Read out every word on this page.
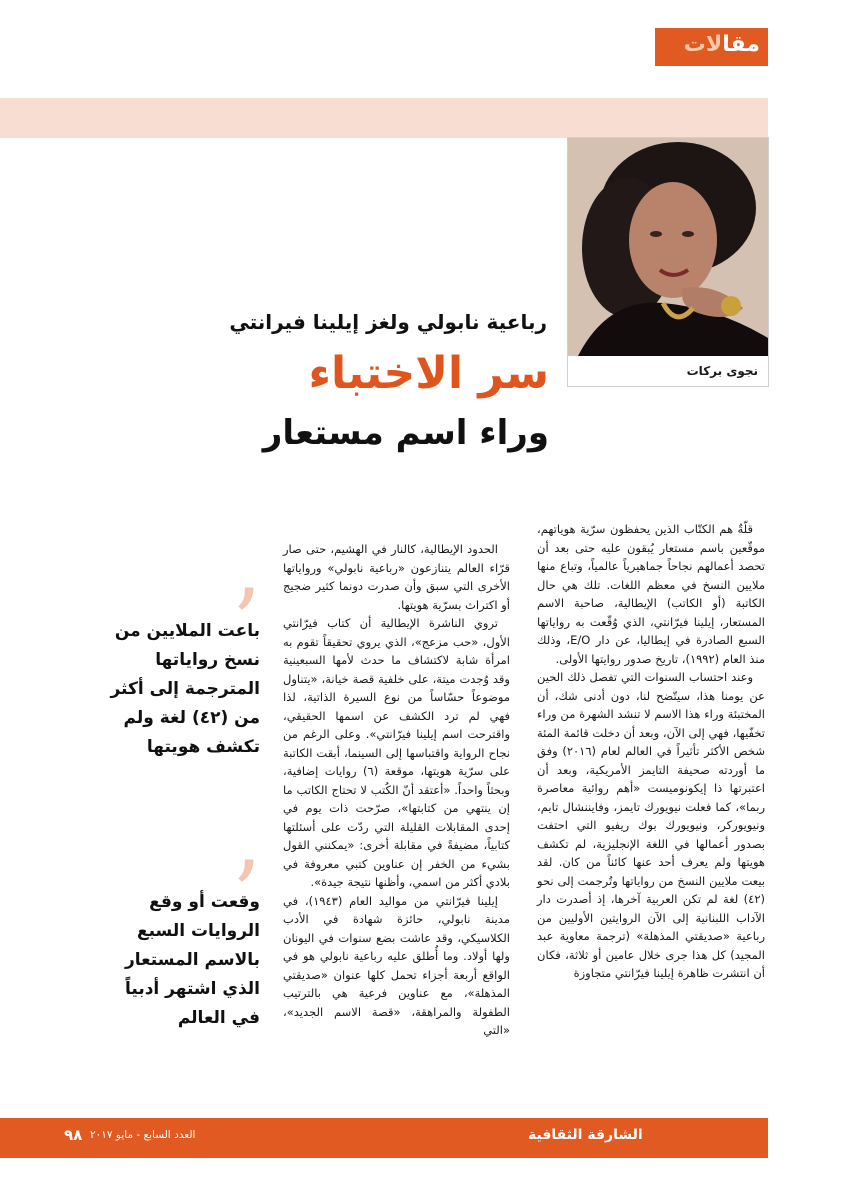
مقالات
نجوى بركات
رباعية نابولي ولغز إيلينا فيرانتي
سر الاختباء
وراء اسم مستعار

قلّةٌ هم الكتّاب الذين يحفظون سرّية هوياتهم، موقّعين باسم مستعار يُبقون عليه حتى بعد أن تحصد أعمالهم نجاحاً جماهيرياً عالمياً، وتباع منها ملايين النسخ في معظم اللغات. تلك هي حال الكاتبة (أو الكاتب) الإيطالية، صاحبة الاسم المستعار، إيلينا فيرّانتي، الذي وُقّعت به رواياتها السبع الصادرة في إيطاليا، عن دار E/O، وذلك منذ العام (١٩٩٢)، تاريخ صدور روايتها الأولى.

وعند احتساب السنوات التي تفصل ذلك الحين عن يومنا هذا، سيتّضح لنا، دون أدنى شك، أن المختبئة وراء هذا الاسم لا تنشد الشهرة من وراء تخفّيها، فهي إلى الآن، وبعد أن دخلت قائمة المئة شخص الأكثر تأثيراً في العالم لعام (٢٠١٦) وفق ما أوردته صحيفة التايمز الأمريكية، وبعد أن اعتبرتها ذا إيكونوميست «أهم روائية معاصرة ربما»، كما فعلت نيويورك تايمز، وفايننشال تايم، ونيويوركر، ونيويورك بوك ريفيو التي احتفت بصدور أعمالها في اللغة الإنجليزية، لم تكشف هويتها ولم يعرف أحد عنها كائناً من كان. لقد بيعت ملايين النسخ من رواياتها وتُرجمت إلى نحو (٤٢) لغة لم تكن العربية آخرها، إذ أصدرت دار الآداب اللبنانية إلى الآن الروايتين الأوليين من رباعية «صديقتي المذهلة» (ترجمة معاوية عبد المجيد) كل هذا جرى خلال عامين أو ثلاثة، فكان أن انتشرت ظاهرة إيلينا فيرّانتي متجاوزة

الحدود الإيطالية، كالنار في الهشيم، حتى صار قرّاء العالم يتنازعون «رباعية نابولي» ورواياتها الأخرى التي سبق وأن صدرت دونما كثير ضجيج أو اكتراث بسرّية هويتها.

تروي الناشرة الإيطالية أن كتاب فيرّانتي الأول، «حب مزعج»، الذي يروي تحقيقاً تقوم به امرأة شابة لاكتشاف ما حدث لأمها السبعينية وقد وُجدت ميتة، على خلفية قصة خيانة، «يتناول موضوعاً حسّاساً من نوع السيرة الذاتية، لذا فهي لم ترد الكشف عن اسمها الحقيقي، واقترحت اسم إيلينا فيرّانتي». وعلى الرغم من نجاح الرواية واقتباسها إلى السينما، أبقت الكاتبة على سرّية هويتها، موقعة (٦) روايات إضافية، وبحثاً واحداً. «أعتقد أنّ الكُتب لا تحتاج الكاتب ما إن ينتهي من كتابتها»، صرّحت ذات يوم في إحدى المقابلات القليلة التي ردّت على أسئلتها كتابياً، مضيفةً في مقابلة أخرى: «يمكنني القول بشيء من الخفر إن عناوين كتبي معروفة في بلادي أكثر من اسمي، وأظنها نتيجة جيدة».

إيلينا فيرّانتي من مواليد العام (١٩٤٣)، في مدينة نابولي، حائزة شهادة في الأدب الكلاسيكي، وقد عاشت بضع سنوات في اليونان ولها أولاد. وما أُطلق عليه رباعية نابولي هو في الواقع أربعة أجزاء تحمل كلها عنوان «صديقتي المذهلة»، مع عناوين فرعية هي بالترتيب الطفولة والمراهقة، «قصة الاسم الجديد»، «التي

’
باعت الملايين من نسخ رواياتها المترجمة إلى أكثر من (٤٢) لغة ولم تكشف هويتها
’
وقعت أو وقع الروايات السبع بالاسم المستعار الذي اشتهر أدبياً في العالم
٩٨ العدد السابع - مايو ٢٠١٧	الشارقة الثقافية
